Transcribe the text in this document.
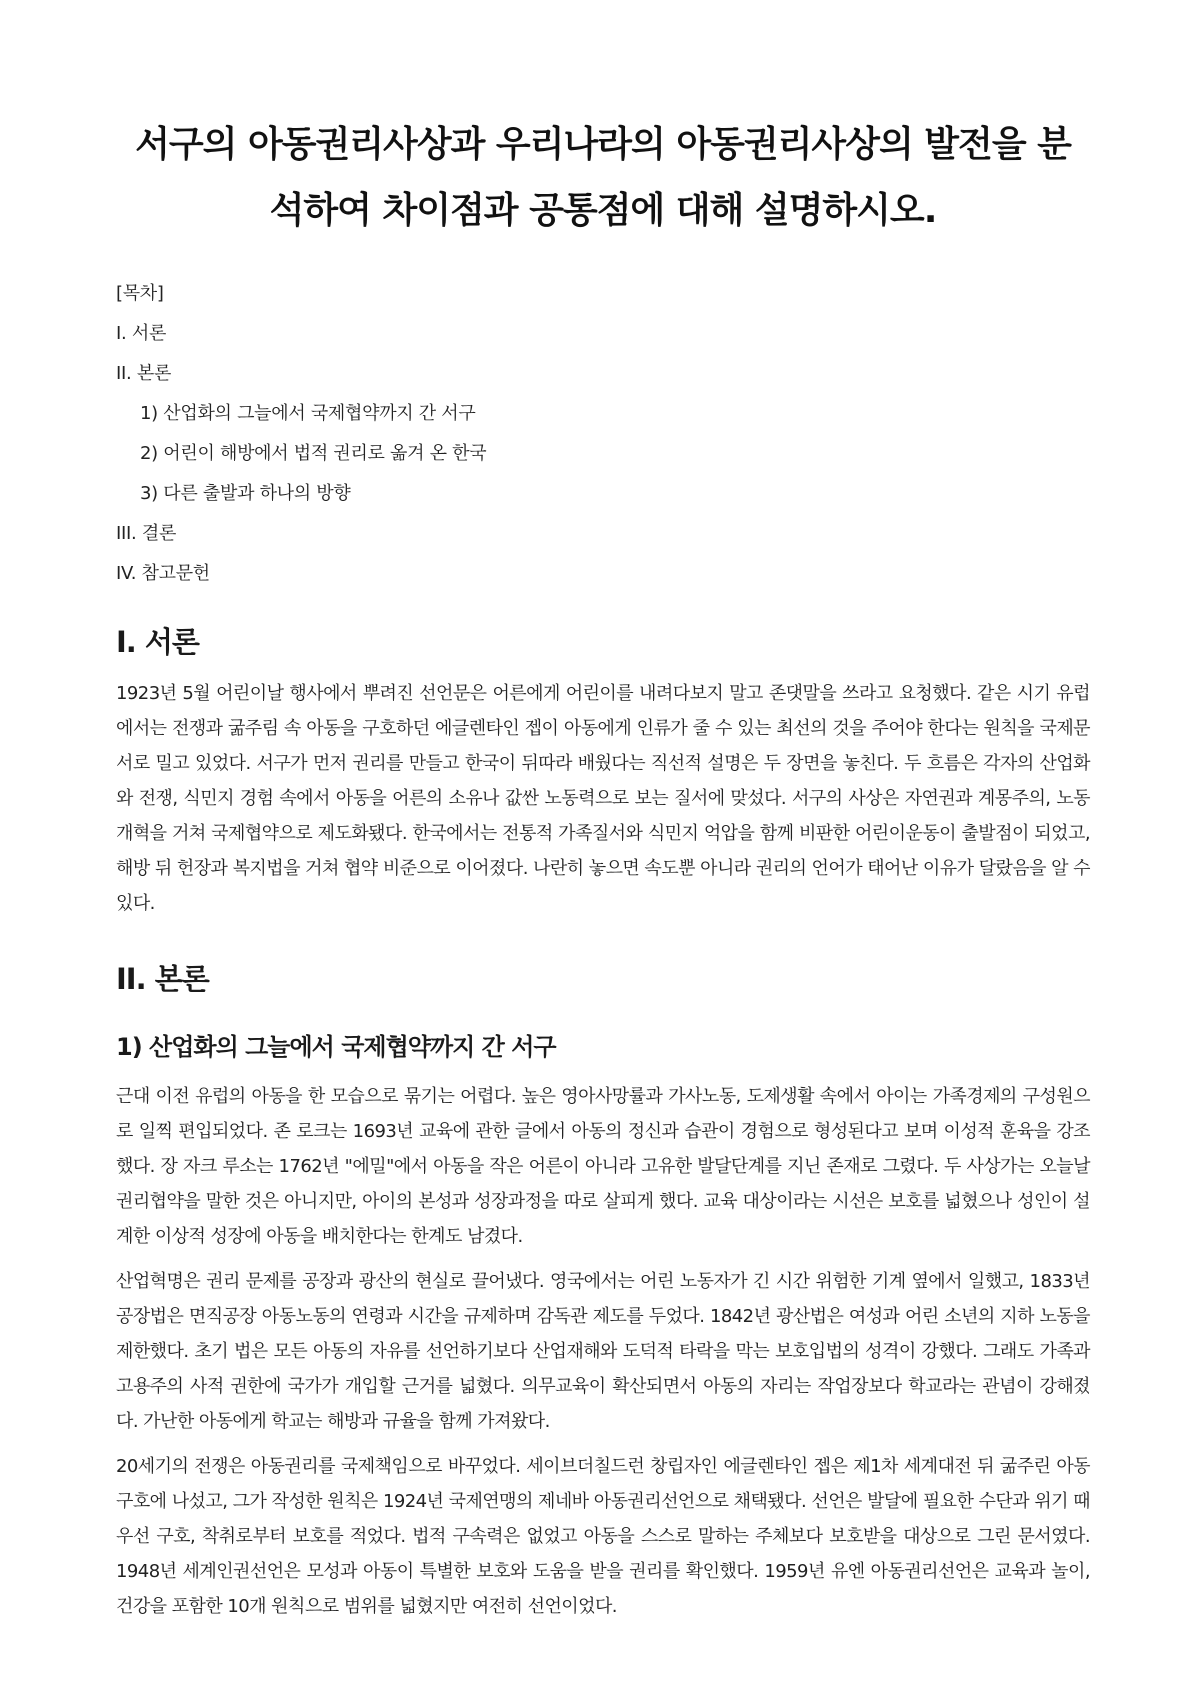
서구의 아동권리사상과 우리나라의 아동권리사상의 발전을 분
석하여 차이점과 공통점에 대해 설명하시오.
[목차]
I. 서론
II. 본론
1) 산업화의 그늘에서 국제협약까지 간 서구
2) 어린이 해방에서 법적 권리로 옮겨 온 한국
3) 다른 출발과 하나의 방향
III. 결론
IV. 참고문헌
I. 서론

1923년 5월 어린이날 행사에서 뿌려진 선언문은 어른에게 어린이를 내려다보지 말고 존댓말을 쓰라고 요청했다. 같은 시기 유럽에서는 전쟁과 굶주림 속 아동을 구호하던 에글렌타인 젭이 아동에게 인류가 줄 수 있는 최선의 것을 주어야 한다는 원칙을 국제문서로 밀고 있었다. 서구가 먼저 권리를 만들고 한국이 뒤따라 배웠다는 직선적 설명은 두 장면을 놓친다. 두 흐름은 각자의 산업화와 전쟁, 식민지 경험 속에서 아동을 어른의 소유나 값싼 노동력으로 보는 질서에 맞섰다. 서구의 사상은 자연권과 계몽주의, 노동개혁을 거쳐 국제협약으로 제도화됐다. 한국에서는 전통적 가족질서와 식민지 억압을 함께 비판한 어린이운동이 출발점이 되었고, 해방 뒤 헌장과 복지법을 거쳐 협약 비준으로 이어졌다. 나란히 놓으면 속도뿐 아니라 권리의 언어가 태어난 이유가 달랐음을 알 수 있다.

II. 본론
1) 산업화의 그늘에서 국제협약까지 간 서구

근대 이전 유럽의 아동을 한 모습으로 묶기는 어렵다. 높은 영아사망률과 가사노동, 도제생활 속에서 아이는 가족경제의 구성원으로 일찍 편입되었다. 존 로크는 1693년 교육에 관한 글에서 아동의 정신과 습관이 경험으로 형성된다고 보며 이성적 훈육을 강조했다. 장 자크 루소는 1762년 "에밀"에서 아동을 작은 어른이 아니라 고유한 발달단계를 지닌 존재로 그렸다. 두 사상가는 오늘날 권리협약을 말한 것은 아니지만, 아이의 본성과 성장과정을 따로 살피게 했다. 교육 대상이라는 시선은 보호를 넓혔으나 성인이 설계한 이상적 성장에 아동을 배치한다는 한계도 남겼다.

산업혁명은 권리 문제를 공장과 광산의 현실로 끌어냈다. 영국에서는 어린 노동자가 긴 시간 위험한 기계 옆에서 일했고, 1833년 공장법은 면직공장 아동노동의 연령과 시간을 규제하며 감독관 제도를 두었다. 1842년 광산법은 여성과 어린 소년의 지하 노동을 제한했다. 초기 법은 모든 아동의 자유를 선언하기보다 산업재해와 도덕적 타락을 막는 보호입법의 성격이 강했다. 그래도 가족과 고용주의 사적 권한에 국가가 개입할 근거를 넓혔다. 의무교육이 확산되면서 아동의 자리는 작업장보다 학교라는 관념이 강해졌다. 가난한 아동에게 학교는 해방과 규율을 함께 가져왔다.

20세기의 전쟁은 아동권리를 국제책임으로 바꾸었다. 세이브더칠드런 창립자인 에글렌타인 젭은 제1차 세계대전 뒤 굶주린 아동 구호에 나섰고, 그가 작성한 원칙은 1924년 국제연맹의 제네바 아동권리선언으로 채택됐다. 선언은 발달에 필요한 수단과 위기 때 우선 구호, 착취로부터 보호를 적었다. 법적 구속력은 없었고 아동을 스스로 말하는 주체보다 보호받을 대상으로 그린 문서였다. 1948년 세계인권선언은 모성과 아동이 특별한 보호와 도움을 받을 권리를 확인했다. 1959년 유엔 아동권리선언은 교육과 놀이, 건강을 포함한 10개 원칙으로 범위를 넓혔지만 여전히 선언이었다.
